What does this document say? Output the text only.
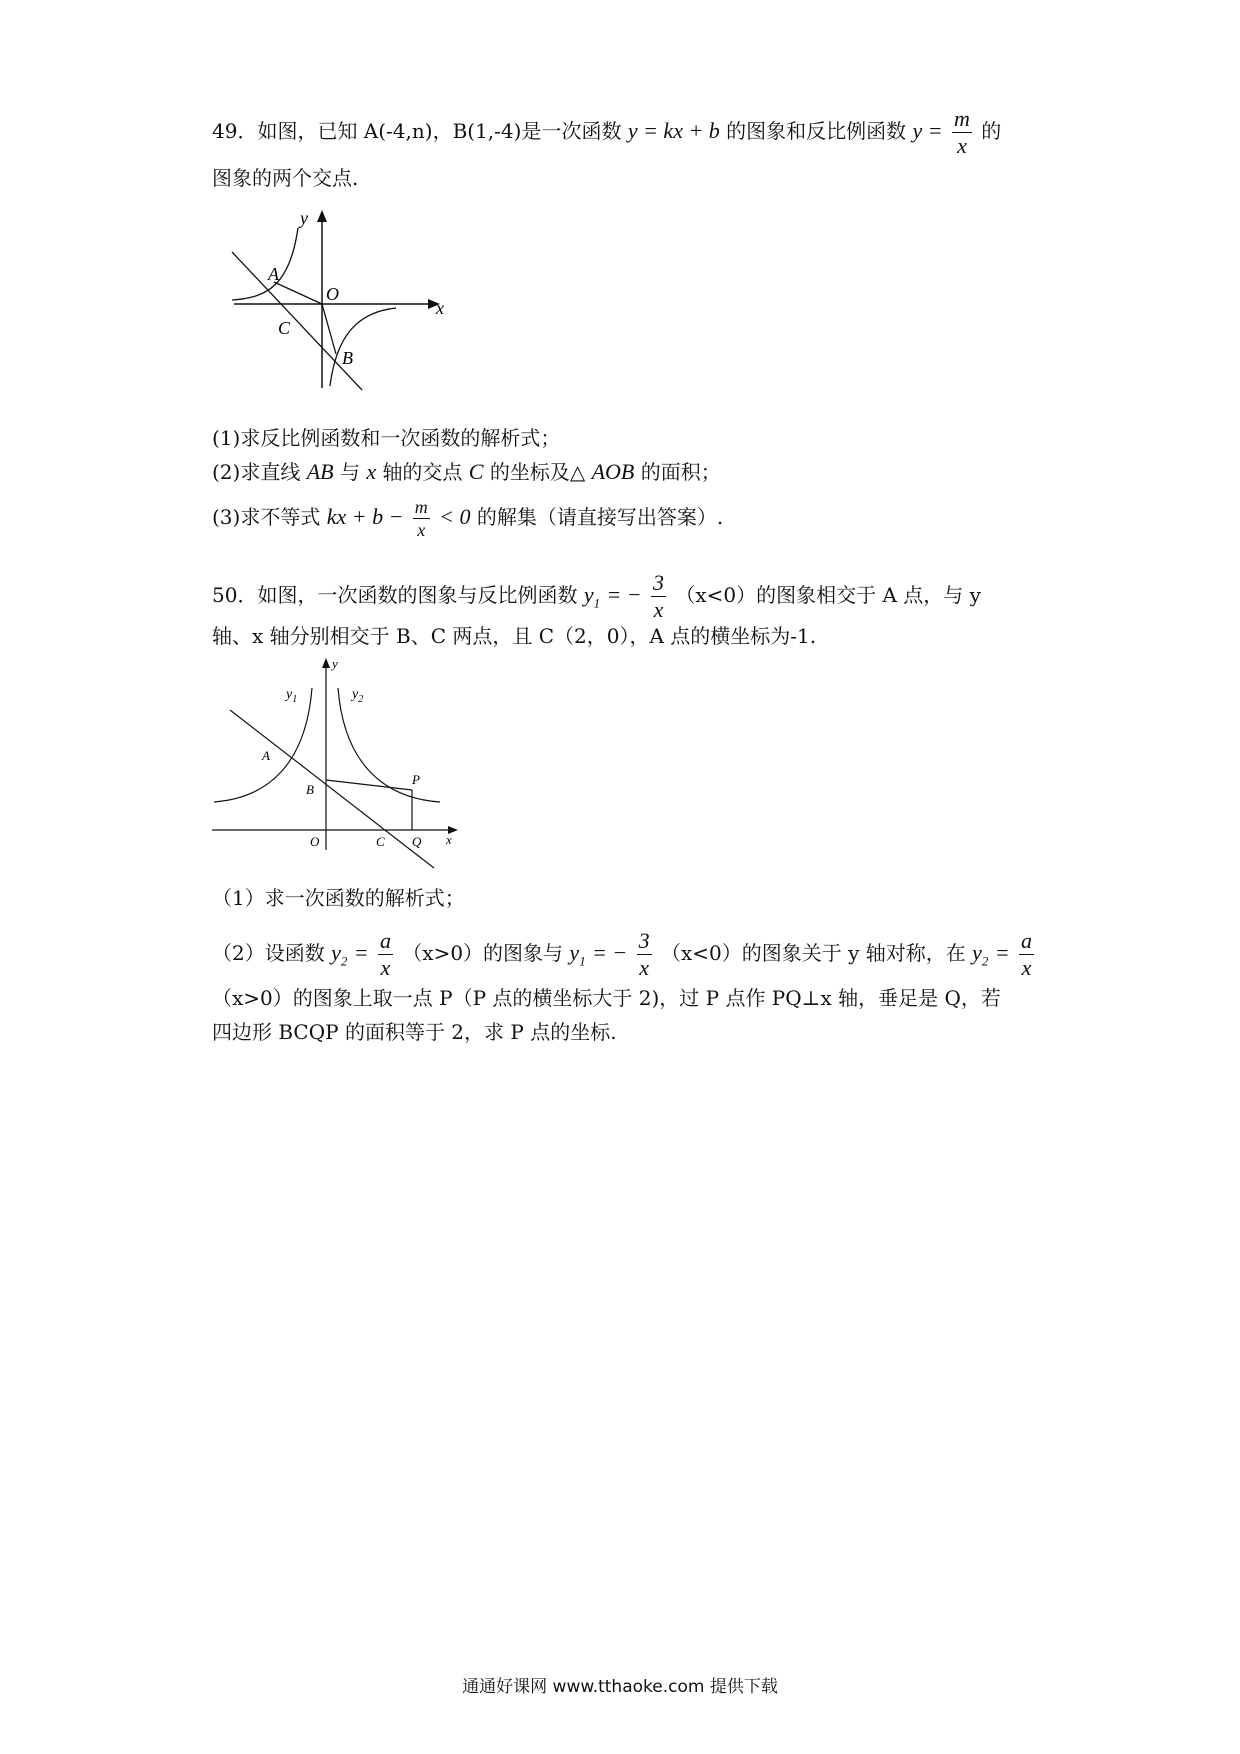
49．如图，已知 A(-4,n)，B(1,-4)是一次函数 y = kx + b 的图象和反比例函数 $y = \frac{m}{x}$ 的
图象的两个交点.
y
x
A
O
C
B
(1)求反比例函数和一次函数的解析式；
(2)求直线 AB 与 x 轴的交点 C 的坐标及△ AOB 的面积；
(3)求不等式 kx + $b - \frac{m}{x} < 0$ 的解集（请直接写出答案）.
50．如图，一次函数的图象与反比例函数 $y_1$ = − $\frac{3}{x} (x<0)$的图象相交于 A 点，与 y
轴、x 轴分别相交于 B、C 两点，且 C（2，0），A 点的横坐标为-1.
y
x
$y_1$	$y_2$
A
B
P
O	C Q
（1）求一次函数的解析式；
（2）设函数 $y_2 = \frac{a}{x} (x>0)$的图象与 $y_1$ = − $\frac{3}{x} (x<0)$的图象关于 y 轴对称，在 $y_2 = \frac{a}{x}$
（x>0）的图象上取一点 P（P 点的横坐标大于 2)，过 P 点作 PQ⊥x 轴，垂足是 Q，若
四边形 BCQP 的面积等于 2，求 P 点的坐标.
通通好课网 www.tthaoke.com 提供下载
